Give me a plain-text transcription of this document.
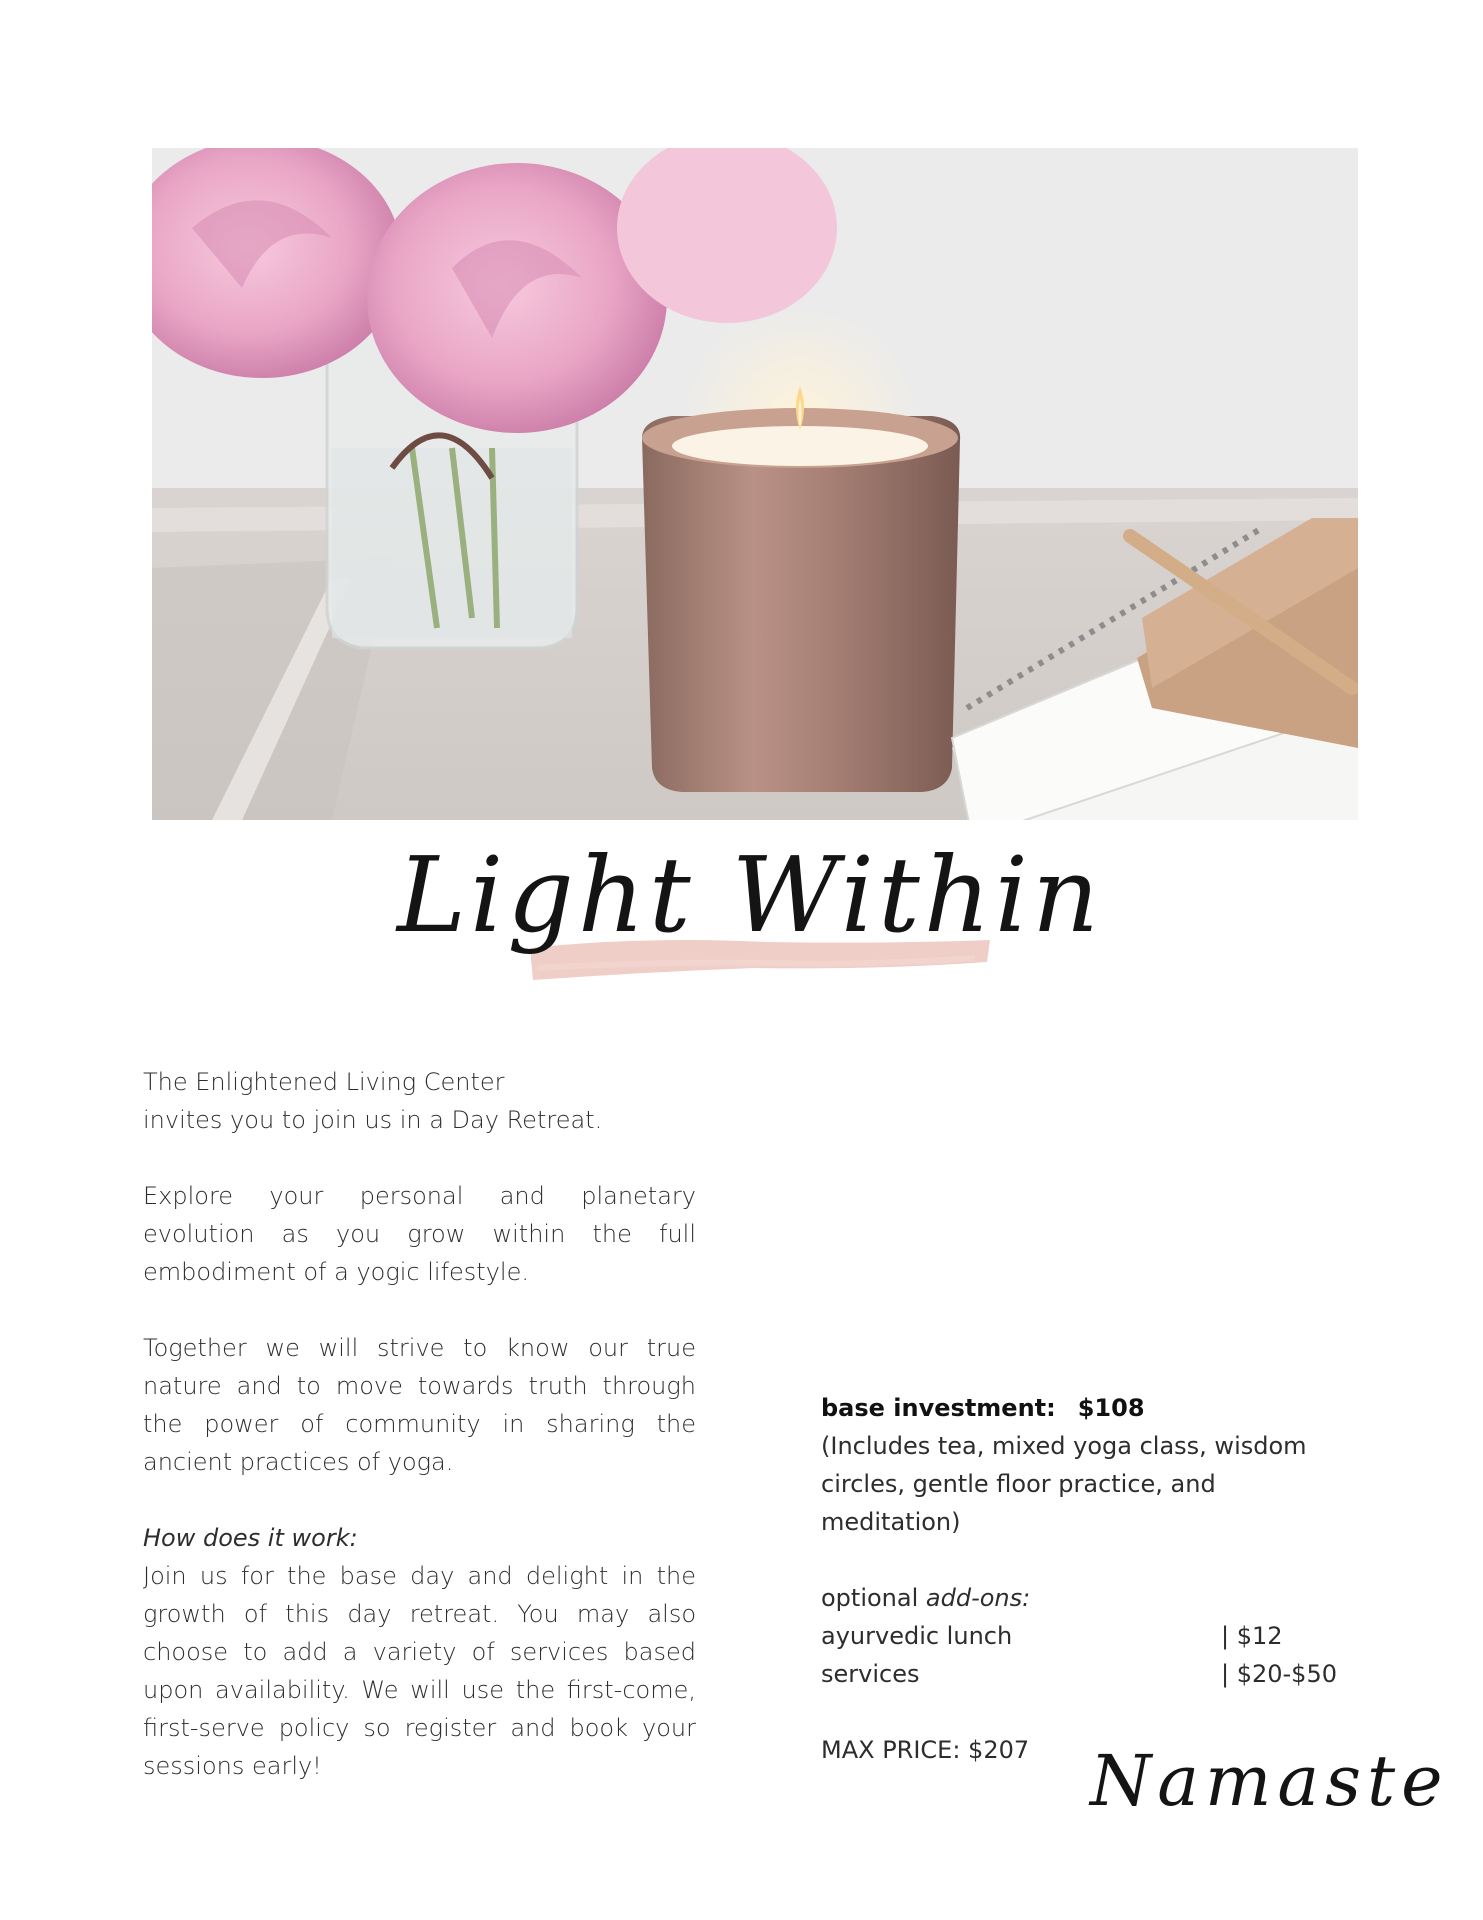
Light Within

The Enlightened Living Center

invites you to join us in a Day Retreat.

Explore your personal and planetary evolution as you grow within the full embodiment of a yogic lifestyle.

Together we will strive to know our true nature and to move towards truth through the power of community in sharing the ancient practices of yoga.

How does it work:

Join us for the base day and delight in the growth of this day retreat. You may also choose to add a variety of services based upon availability. We will use the first-come, first-serve policy so register and book your sessions early!

base investment: $108

(Includes tea, mixed yoga class, wisdom circles, gentle floor practice, and meditation)

optional add-ons:

ayurvedic lunch	| $12
services	| $20-$50

MAX PRICE: $207 Namaste
